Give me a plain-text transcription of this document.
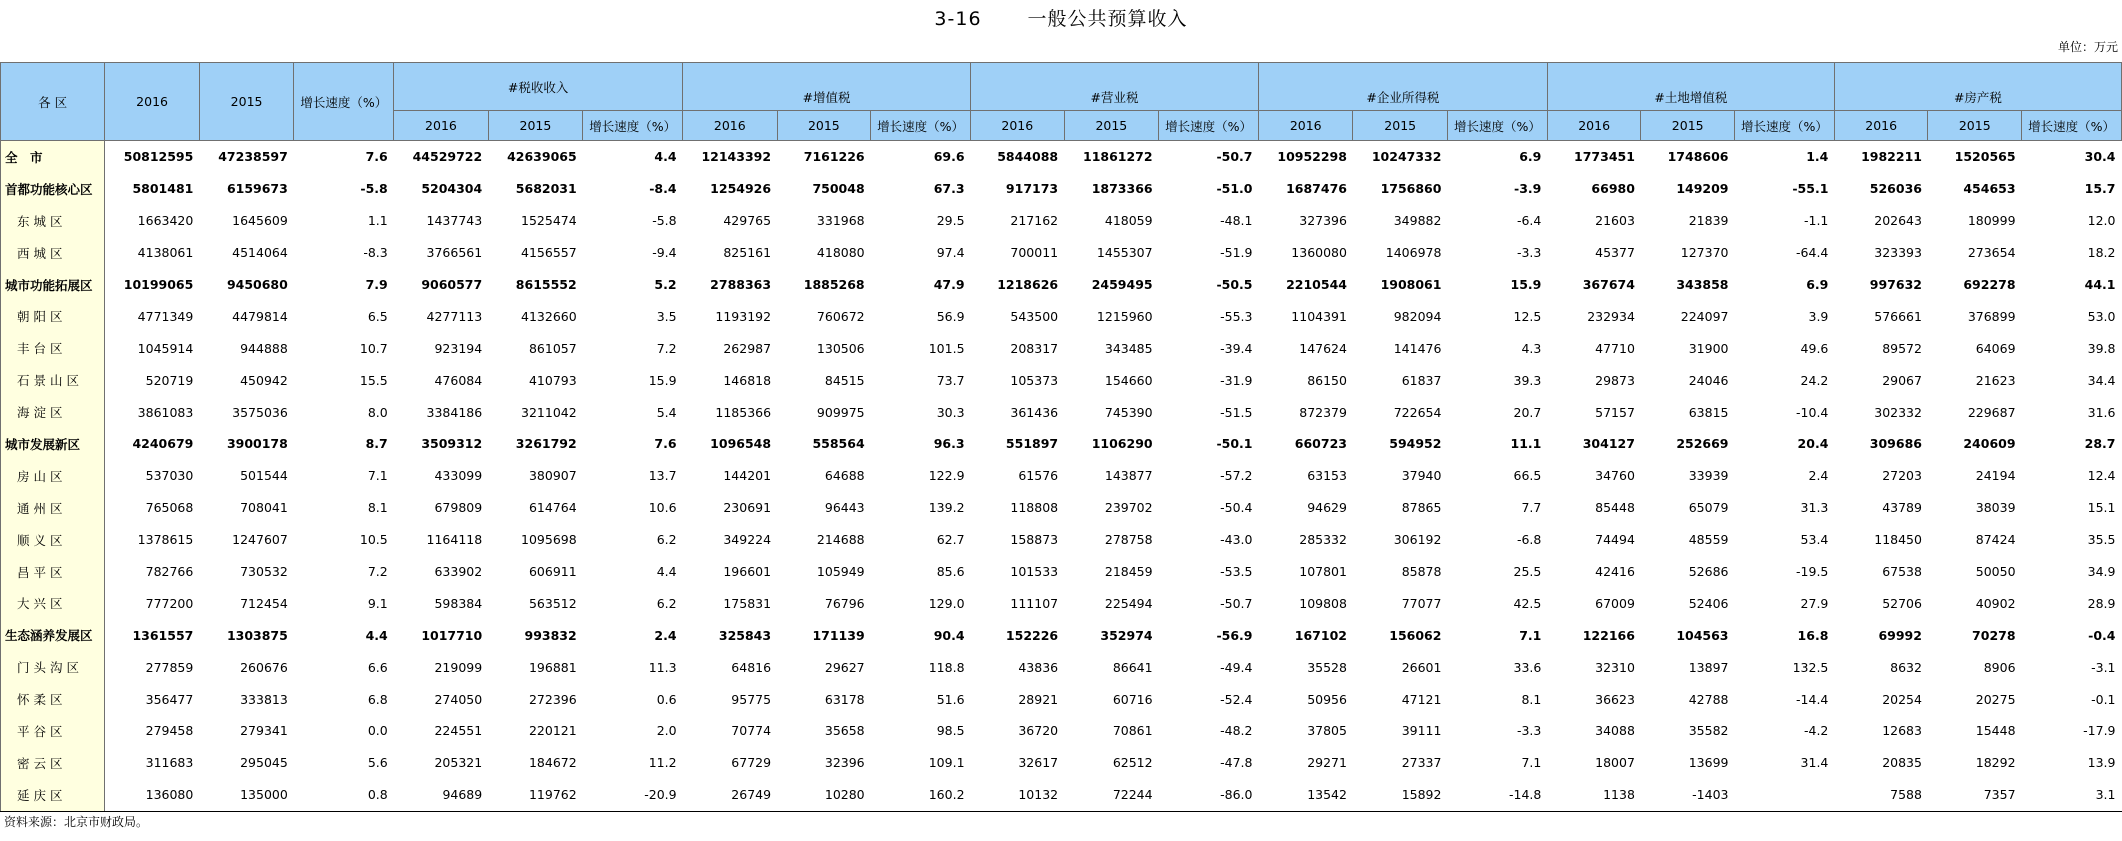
3-16 一般公共预算收入
单位：万元
各 区	2016	2015	增长速度（%）	#税收收入			#增值税			#营业税			#企业所得税			#土地增值税			#房产税		
				2016	2015	增长速度（%）	2016	2015	增长速度（%）	2016	2015	增长速度（%）	2016	2015	增长速度（%）	2016	2015	增长速度（%）	2016	2015	增长速度（%）
全　市	50812595	47238597	7.6	44529722	42639065	4.4	12143392	7161226	69.6	5844088	11861272	-50.7	10952298	10247332	6.9	1773451	1748606	1.4	1982211	1520565	30.4
首都功能核心区	5801481	6159673	-5.8	5204304	5682031	-8.4	1254926	750048	67.3	917173	1873366	-51.0	1687476	1756860	-3.9	66980	149209	-55.1	526036	454653	15.7
东城区	1663420	1645609	1.1	1437743	1525474	-5.8	429765	331968	29.5	217162	418059	-48.1	327396	349882	-6.4	21603	21839	-1.1	202643	180999	12.0
西城区	4138061	4514064	-8.3	3766561	4156557	-9.4	825161	418080	97.4	700011	1455307	-51.9	1360080	1406978	-3.3	45377	127370	-64.4	323393	273654	18.2
城市功能拓展区	10199065	9450680	7.9	9060577	8615552	5.2	2788363	1885268	47.9	1218626	2459495	-50.5	2210544	1908061	15.9	367674	343858	6.9	997632	692278	44.1
朝阳区	4771349	4479814	6.5	4277113	4132660	3.5	1193192	760672	56.9	543500	1215960	-55.3	1104391	982094	12.5	232934	224097	3.9	576661	376899	53.0
丰台区	1045914	944888	10.7	923194	861057	7.2	262987	130506	101.5	208317	343485	-39.4	147624	141476	4.3	47710	31900	49.6	89572	64069	39.8
石景山区	520719	450942	15.5	476084	410793	15.9	146818	84515	73.7	105373	154660	-31.9	86150	61837	39.3	29873	24046	24.2	29067	21623	34.4
海淀区	3861083	3575036	8.0	3384186	3211042	5.4	1185366	909975	30.3	361436	745390	-51.5	872379	722654	20.7	57157	63815	-10.4	302332	229687	31.6
城市发展新区	4240679	3900178	8.7	3509312	3261792	7.6	1096548	558564	96.3	551897	1106290	-50.1	660723	594952	11.1	304127	252669	20.4	309686	240609	28.7
房山区	537030	501544	7.1	433099	380907	13.7	144201	64688	122.9	61576	143877	-57.2	63153	37940	66.5	34760	33939	2.4	27203	24194	12.4
通州区	765068	708041	8.1	679809	614764	10.6	230691	96443	139.2	118808	239702	-50.4	94629	87865	7.7	85448	65079	31.3	43789	38039	15.1
顺义区	1378615	1247607	10.5	1164118	1095698	6.2	349224	214688	62.7	158873	278758	-43.0	285332	306192	-6.8	74494	48559	53.4	118450	87424	35.5
昌平区	782766	730532	7.2	633902	606911	4.4	196601	105949	85.6	101533	218459	-53.5	107801	85878	25.5	42416	52686	-19.5	67538	50050	34.9
大兴区	777200	712454	9.1	598384	563512	6.2	175831	76796	129.0	111107	225494	-50.7	109808	77077	42.5	67009	52406	27.9	52706	40902	28.9
生态涵养发展区	1361557	1303875	4.4	1017710	993832	2.4	325843	171139	90.4	152226	352974	-56.9	167102	156062	7.1	122166	104563	16.8	69992	70278	-0.4
门头沟区	277859	260676	6.6	219099	196881	11.3	64816	29627	118.8	43836	86641	-49.4	35528	26601	33.6	32310	13897	132.5	8632	8906	-3.1
怀柔区	356477	333813	6.8	274050	272396	0.6	95775	63178	51.6	28921	60716	-52.4	50956	47121	8.1	36623	42788	-14.4	20254	20275	-0.1
平谷区	279458	279341	0.0	224551	220121	2.0	70774	35658	98.5	36720	70861	-48.2	37805	39111	-3.3	34088	35582	-4.2	12683	15448	-17.9
密云区	311683	295045	5.6	205321	184672	11.2	67729	32396	109.1	32617	62512	-47.8	29271	27337	7.1	18007	13699	31.4	20835	18292	13.9
延庆区	136080	135000	0.8	94689	119762	-20.9	26749	10280	160.2	10132	72244	-86.0	13542	15892	-14.8	1138	-1403		7588	7357	3.1
资料来源：北京市财政局。
